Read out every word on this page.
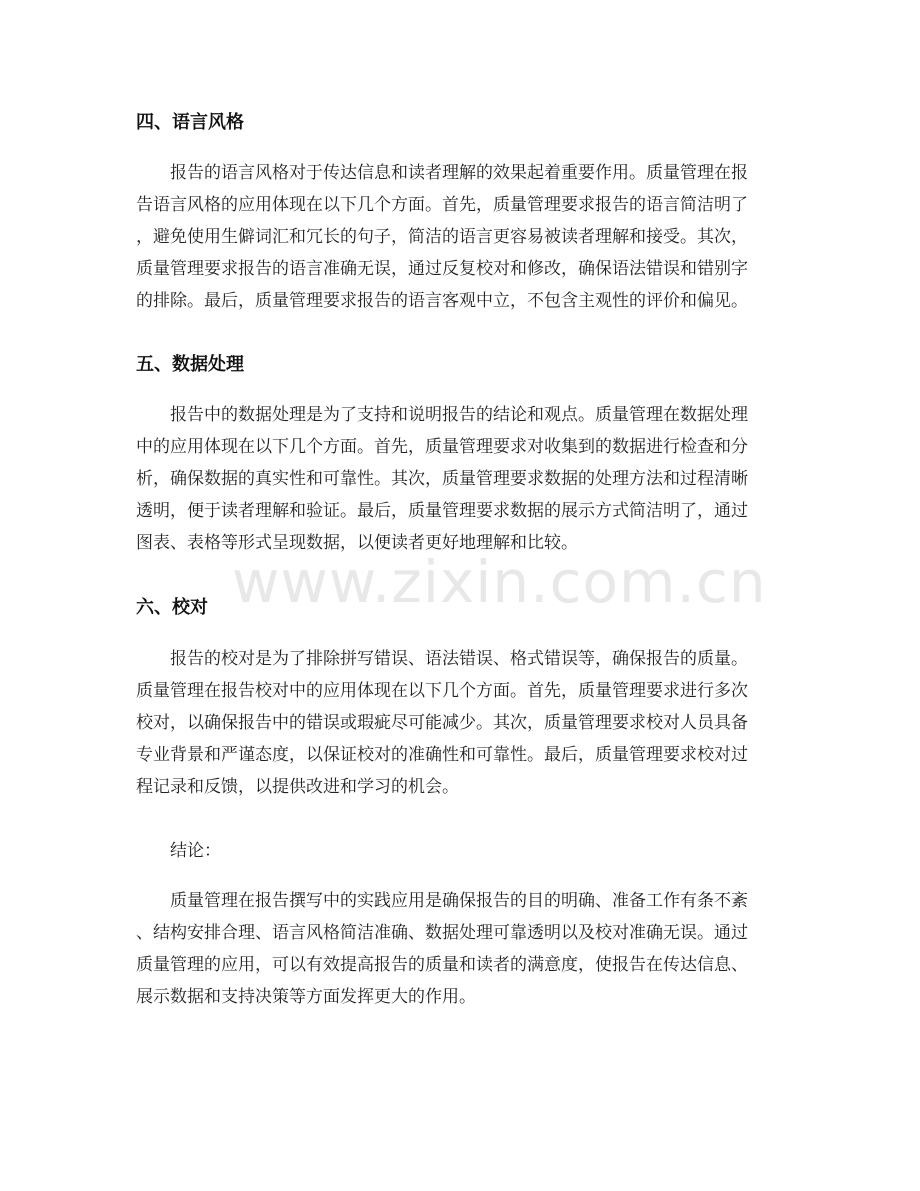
www.zixin.com.cn
四、语言风格
报告的语言风格对于传达信息和读者理解的效果起着重要作用。质量管理在报
告语言风格的应用体现在以下几个方面。首先，质量管理要求报告的语言简洁明了
，避免使用生僻词汇和冗长的句子，简洁的语言更容易被读者理解和接受。其次，
质量管理要求报告的语言准确无误，通过反复校对和修改，确保语法错误和错别字
的排除。最后，质量管理要求报告的语言客观中立，不包含主观性的评价和偏见。
五、数据处理
报告中的数据处理是为了支持和说明报告的结论和观点。质量管理在数据处理
中的应用体现在以下几个方面。首先，质量管理要求对收集到的数据进行检查和分
析，确保数据的真实性和可靠性。其次，质量管理要求数据的处理方法和过程清晰
透明，便于读者理解和验证。最后，质量管理要求数据的展示方式简洁明了，通过
图表、表格等形式呈现数据，以便读者更好地理解和比较。
六、校对
报告的校对是为了排除拼写错误、语法错误、格式错误等，确保报告的质量。
质量管理在报告校对中的应用体现在以下几个方面。首先，质量管理要求进行多次
校对，以确保报告中的错误或瑕疵尽可能减少。其次，质量管理要求校对人员具备
专业背景和严谨态度，以保证校对的准确性和可靠性。最后，质量管理要求校对过
程记录和反馈，以提供改进和学习的机会。
结论：
质量管理在报告撰写中的实践应用是确保报告的目的明确、准备工作有条不紊
、结构安排合理、语言风格简洁准确、数据处理可靠透明以及校对准确无误。通过
质量管理的应用，可以有效提高报告的质量和读者的满意度，使报告在传达信息、
展示数据和支持决策等方面发挥更大的作用。
